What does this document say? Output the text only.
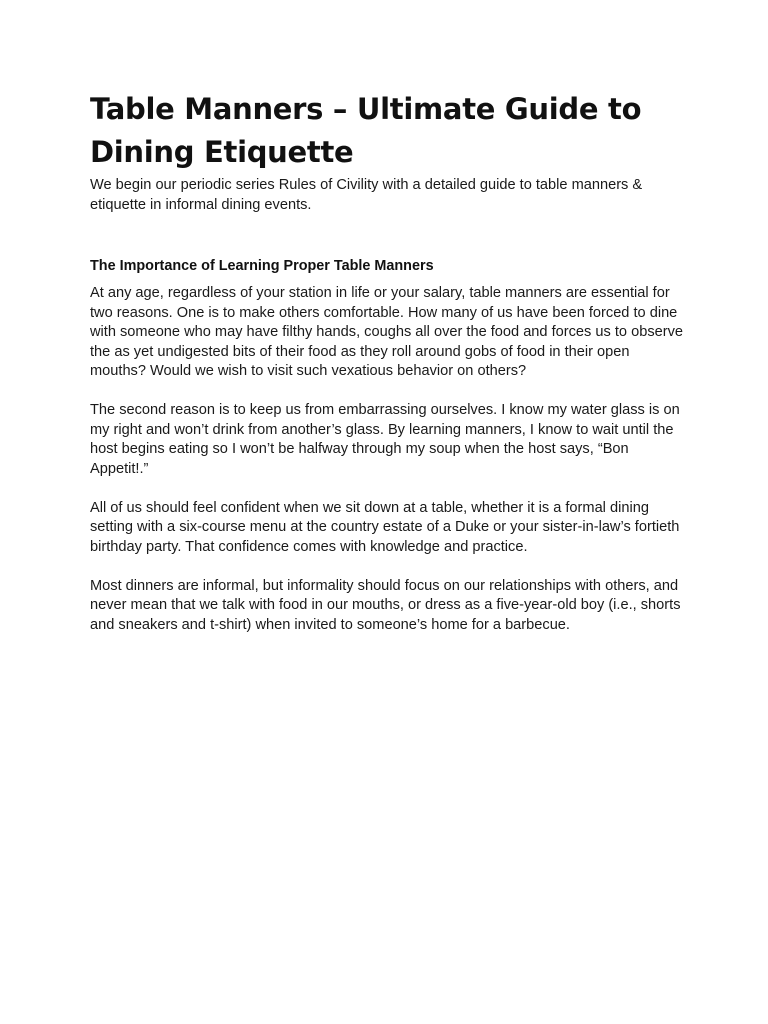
Table Manners – Ultimate Guide to Dining Etiquette

We begin our periodic series Rules of Civility with a detailed guide to table manners & etiquette in informal dining events.

The Importance of Learning Proper Table Manners

At any age, regardless of your station in life or your salary, table manners are essential for two reasons. One is to make others comfortable. How many of us have been forced to dine with someone who may have filthy hands, coughs all over the food and forces us to observe the as yet undigested bits of their food as they roll around gobs of food in their open mouths? Would we wish to visit such vexatious behavior on others?

The second reason is to keep us from embarrassing ourselves. I know my water glass is on my right and won’t drink from another’s glass. By learning manners, I know to wait until the host begins eating so I won’t be halfway through my soup when the host says, “Bon Appetit!.”

All of us should feel confident when we sit down at a table, whether it is a formal dining setting with a six-course menu at the country estate of a Duke or your sister-in-law’s fortieth birthday party. That confidence comes with knowledge and practice.

Most dinners are informal, but informality should focus on our relationships with others, and never mean that we talk with food in our mouths, or dress as a five-year-old boy (i.e., shorts and sneakers and t-shirt) when invited to someone’s home for a barbecue.
